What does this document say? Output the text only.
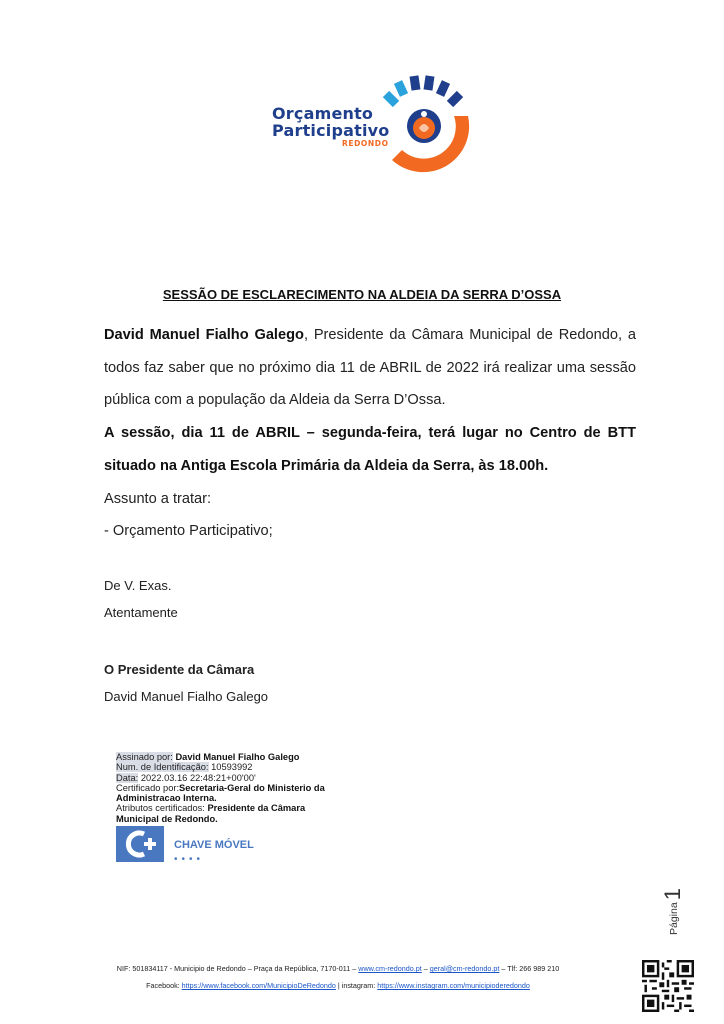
Orçamento
Participativo
REDONDO
SESSÃO DE ESCLARECIMENTO NA ALDEIA DA SERRA D’OSSA

David Manuel Fialho Galego, Presidente da Câmara Municipal de Redondo, a todos faz saber que no próximo dia 11 de ABRIL de 2022 irá realizar uma sessão pública com a população da Aldeia da Serra D’Ossa.

A sessão, dia 11 de ABRIL – segunda-feira, terá lugar no Centro de BTT situado na Antiga Escola Primária da Aldeia da Serra, às 18.00h.

Assunto a tratar:

- Orçamento Participativo;

De V. Exas.

Atentamente

O Presidente da Câmara

David Manuel Fialho Galego

Assinado por: David Manuel Fialho Galego

Num. de Identificação: 10593992

Data: 2022.03.16 22:48:21+00'00'

Certificado por:Secretaria-Geral do Ministerio da

Administracao Interna.

Atributos certificados: Presidente da Câmara

Municipal de Redondo.

CHAVE MÓVEL
••••
Página1
NIF: 501834117 - Municipio de Redondo – Praça da República, 7170-011 – www.cm-redondo.pt – geral@cm-redondo.pt – Tlf: 266 989 210
Facebook: https://www.facebook.com/MunicipioDeRedondo | instagram: https://www.instagram.com/municipioderedondo
